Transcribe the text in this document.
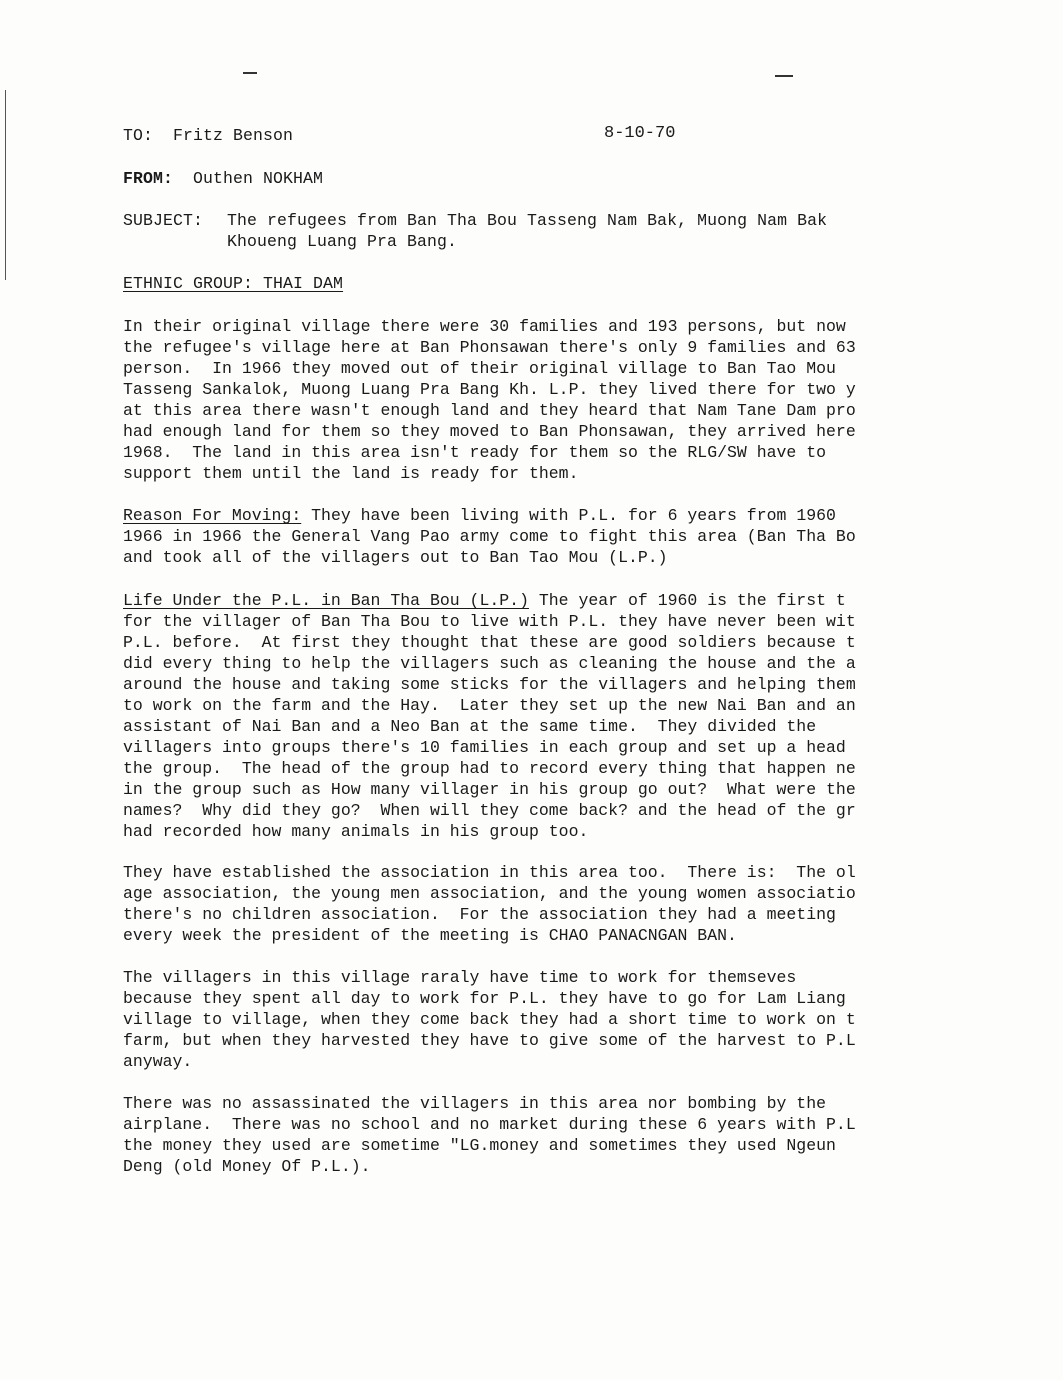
TO: Fritz Benson	8-10-70
FROM: Outhen NOKHAM
SUBJECT: The refugees from Ban Tha Bou Tasseng Nam Bak, Muong Nam Bak
Khoueng Luang Pra Bang.
ETHNIC GROUP: THAI DAM
In their original village there were 30 families and 193 persons, but now
the refugee's village here at Ban Phonsawan there's only 9 families and 63
person.  In 1966 they moved out of their original village to Ban Tao Mou
Tasseng Sankalok, Muong Luang Pra Bang Kh. L.P. they lived there for two y
at this area there wasn't enough land and they heard that Nam Tane Dam pro
had enough land for them so they moved to Ban Phonsawan, they arrived here
1968.  The land in this area isn't ready for them so the RLG/SW have to
support them until the land is ready for them.
Reason For Moving: They have been living with P.L. for 6 years from 1960
1966 in 1966 the General Vang Pao army come to fight this area (Ban Tha Bo
and took all of the villagers out to Ban Tao Mou (L.P.)
Life Under the P.L. in Ban Tha Bou (L.P.) The year of 1960 is the first t
for the villager of Ban Tha Bou to live with P.L. they have never been wit
P.L. before.  At first they thought that these are good soldiers because t
did every thing to help the villagers such as cleaning the house and the a
around the house and taking some sticks for the villagers and helping them
to work on the farm and the Hay.  Later they set up the new Nai Ban and an
assistant of Nai Ban and a Neo Ban at the same time.  They divided the
villagers into groups there's 10 families in each group and set up a head
the group.  The head of the group had to record every thing that happen ne
in the group such as How many villager in his group go out?  What were the
names?  Why did they go?  When will they come back? and the head of the gr
had recorded how many animals in his group too.
They have established the association in this area too.  There is:  The ol
age association, the young men association, and the young women associatio
there's no children association.  For the association they had a meeting
every week the president of the meeting is CHAO PANACNGAN BAN.
The villagers in this village raraly have time to work for themseves
because they spent all day to work for P.L. they have to go for Lam Liang
village to village, when they come back they had a short time to work on t
farm, but when they harvested they have to give some of the harvest to P.L
anyway.
There was no assassinated the villagers in this area nor bombing by the
airplane.  There was no school and no market during these 6 years with P.L
the money they used are sometime "LG.money and sometimes they used Ngeun
Deng (old Money Of P.L.).
